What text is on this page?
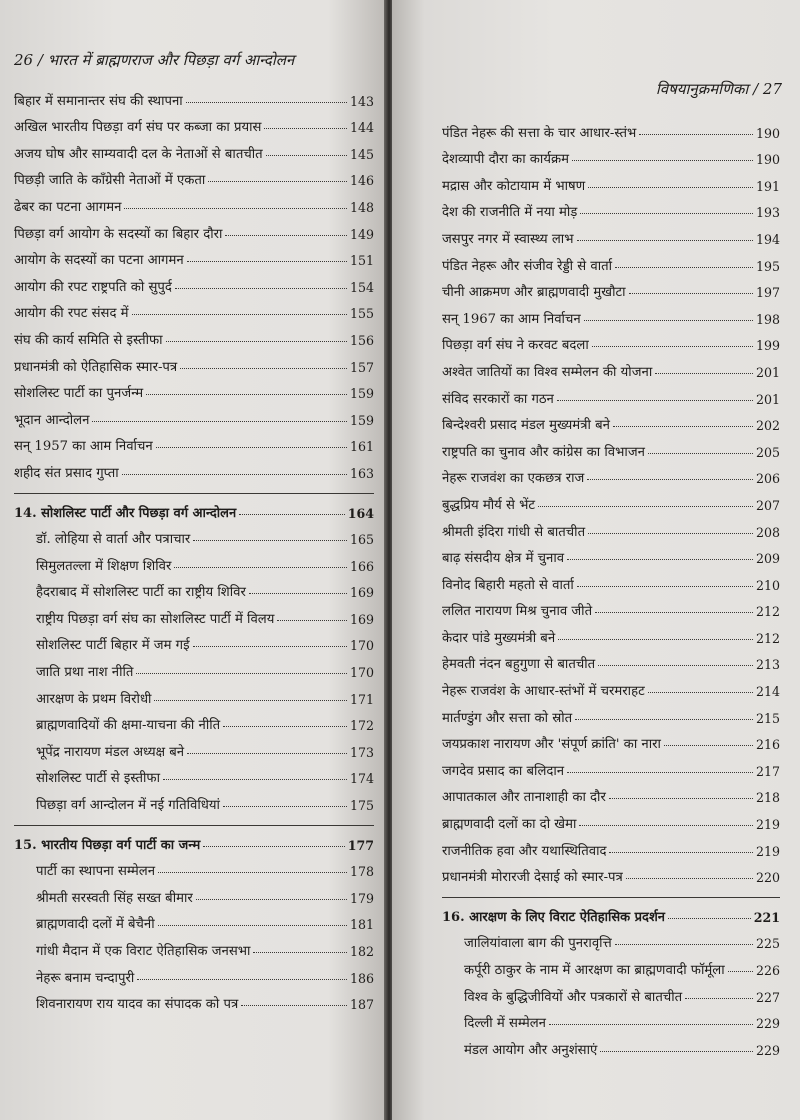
26 / भारत में ब्राह्मणराज और पिछड़ा वर्ग आन्दोलन
बिहार में समानान्तर संघ की स्थापना	143
अखिल भारतीय पिछड़ा वर्ग संघ पर कब्जा का प्रयास	144
अजय घोष और साम्यवादी दल के नेताओं से बातचीत	145
पिछड़ी जाति के काँग्रेसी नेताओं में एकता	146
ढेबर का पटना आगमन	148
पिछड़ा वर्ग आयोग के सदस्यों का बिहार दौरा	149
आयोग के सदस्यों का पटना आगमन	151
आयोग की रपट राष्ट्रपति को सुपुर्द	154
आयोग की रपट संसद में	155
संघ की कार्य समिति से इस्तीफा	156
प्रधानमंत्री को ऐतिहासिक स्मार-पत्र	157
सोशलिस्ट पार्टी का पुनर्जन्म	159
भूदान आन्दोलन	159
सन् 1957 का आम निर्वाचन	161
शहीद संत प्रसाद गुप्ता	163
14. सोशलिस्ट पार्टी और पिछड़ा वर्ग आन्दोलन	164
डॉ. लोहिया से वार्ता और पत्राचार	165
सिमुलतल्ला में शिक्षण शिविर	166
हैदराबाद में सोशलिस्ट पार्टी का राष्ट्रीय शिविर	169
राष्ट्रीय पिछड़ा वर्ग संघ का सोशलिस्ट पार्टी में विलय	169
सोशलिस्ट पार्टी बिहार में जम गई	170
जाति प्रथा नाश नीति	170
आरक्षण के प्रथम विरोधी	171
ब्राह्मणवादियों की क्षमा-याचना की नीति	172
भूपेंद्र नारायण मंडल अध्यक्ष बने	173
सोशलिस्ट पार्टी से इस्तीफा	174
पिछड़ा वर्ग आन्दोलन में नई गतिविधियां	175
15. भारतीय पिछड़ा वर्ग पार्टी का जन्म	177
पार्टी का स्थापना सम्मेलन	178
श्रीमती सरस्वती सिंह सख्त बीमार	179
ब्राह्मणवादी दलों में बेचैनी	181
गांधी मैदान में एक विराट ऐतिहासिक जनसभा	182
नेहरू बनाम चन्दापुरी	186
शिवनारायण राय यादव का संपादक को पत्र	187
विषयानुक्रमणिका / 27
पंडित नेहरू की सत्ता के चार आधार-स्तंभ	190
देशव्यापी दौरा का कार्यक्रम	190
मद्रास और कोटायाम में भाषण	191
देश की राजनीति में नया मोड़	193
जसपुर नगर में स्वास्थ्य लाभ	194
पंडित नेहरू और संजीव रेड्डी से वार्ता	195
चीनी आक्रमण और ब्राह्मणवादी मुखौटा	197
सन् 1967 का आम निर्वाचन	198
पिछड़ा वर्ग संघ ने करवट बदला	199
अश्वेत जातियों का विश्व सम्मेलन की योजना	201
संविद सरकारों का गठन	201
बिन्देश्वरी प्रसाद मंडल मुख्यमंत्री बने	202
राष्ट्रपति का चुनाव और कांग्रेस का विभाजन	205
नेहरू राजवंश का एकछत्र राज	206
बुद्धप्रिय मौर्य से भेंट	207
श्रीमती इंदिरा गांधी से बातचीत	208
बाढ़ संसदीय क्षेत्र में चुनाव	209
विनोद बिहारी महतो से वार्ता	210
ललित नारायण मिश्र चुनाव जीते	212
केदार पांडे मुख्यमंत्री बने	212
हेमवती नंदन बहुगुणा से बातचीत	213
नेहरू राजवंश के आधार-स्तंभों में चरमराहट	214
मार्तण्डुंग और सत्ता को स्रोत	215
जयप्रकाश नारायण और 'संपूर्ण क्रांति' का नारा	216
जगदेव प्रसाद का बलिदान	217
आपातकाल और तानाशाही का दौर	218
ब्राह्मणवादी दलों का दो खेमा	219
राजनीतिक हवा और यथास्थितिवाद	219
प्रधानमंत्री मोरारजी देसाई को स्मार-पत्र	220
16. आरक्षण के लिए विराट ऐतिहासिक प्रदर्शन	221
जालियांवाला बाग की पुनरावृत्ति	225
कर्पूरी ठाकुर के नाम में आरक्षण का ब्राह्मणवादी फॉर्मूला 226
विश्व के बुद्धिजीवियों और पत्रकारों से बातचीत	227
दिल्ली में सम्मेलन	229
मंडल आयोग और अनुशंसाएं	229
